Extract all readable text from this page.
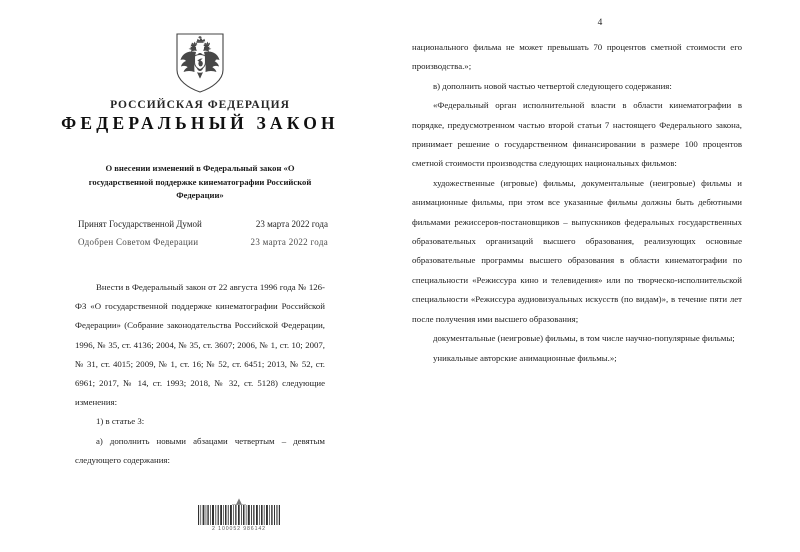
РОССИЙСКАЯ ФЕДЕРАЦИЯ
ФЕДЕРАЛЬНЫЙ ЗАКОН
О внесении изменений в Федеральный закон «О государственной поддержке кинематографии Российской Федерации»
Принят Государственной Думой	23 марта 2022 года
Одобрен Советом Федерации	23 марта 2022 года

Внести в Федеральный закон от 22 августа 1996 года № 126-ФЗ «О государственной поддержке кинематографии Российской Федерации» (Собрание законодательства Российской Федерации, 1996, № 35, ст. 4136; 2004, № 35, ст. 3607; 2006, № 1, ст. 10; 2007, № 31, ст. 4015; 2009, № 1, ст. 16; № 52, ст. 6451; 2013, № 52, ст. 6961; 2017, № 14, ст. 1993; 2018, № 32, ст. 5128) следующие изменения:

1) в статье 3:

а) дополнить новыми абзацами четвертым – девятым следующего содержания:

2 100052 986142
4

национального фильма не может превышать 70 процентов сметной стоимости его производства.»;

в) дополнить новой частью четвертой следующего содержания:

«Федеральный орган исполнительной власти в области кинематографии в порядке, предусмотренном частью второй статьи 7 настоящего Федерального закона, принимает решение о государственном финансировании в размере 100 процентов сметной стоимости производства следующих национальных фильмов:

художественные (игровые) фильмы, документальные (неигровые) фильмы и анимационные фильмы, при этом все указанные фильмы должны быть дебютными фильмами режиссеров-постановщиков – выпускников федеральных государственных образовательных организаций высшего образования, реализующих основные образовательные программы высшего образования в области кинематографии по специальности «Режиссура кино и телевидения» или по творческо-исполнительской специальности «Режиссура аудиовизуальных искусств (по видам)», в течение пяти лет после получения ими высшего образования;

документальные (неигровые) фильмы, в том числе научно-популярные фильмы;

уникальные авторские анимационные фильмы.»;
